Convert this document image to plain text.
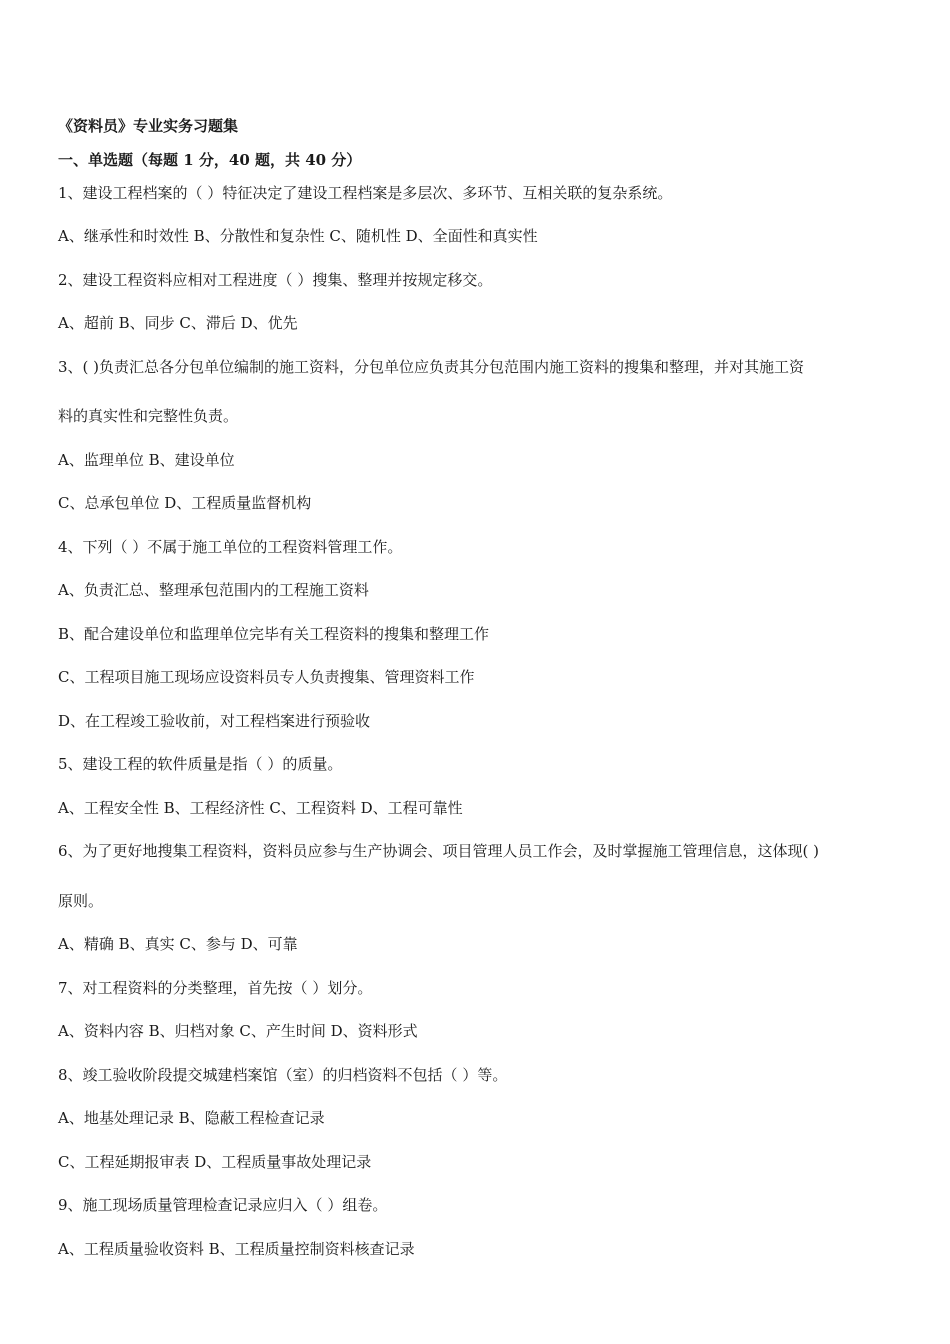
《资料员》专业实务习题集
一、单选题（每题 1 分，40 题，共 40 分）
1、建设工程档案的（ ）特征决定了建设工程档案是多层次、多环节、互相关联的复杂系统。
A、继承性和时效性 B、分散性和复杂性 C、随机性 D、全面性和真实性
2、建设工程资料应相对工程进度（ ）搜集、整理并按规定移交。
A、超前 B、同步 C、滞后 D、优先
3、( )负责汇总各分包单位编制的施工资料，分包单位应负责其分包范围内施工资料的搜集和整理，并对其施工资
料的真实性和完整性负责。
A、监理单位 B、建设单位
C、总承包单位 D、工程质量监督机构
4、下列（ ）不属于施工单位的工程资料管理工作。
A、负责汇总、整理承包范围内的工程施工资料
B、配合建设单位和监理单位完毕有关工程资料的搜集和整理工作
C、工程项目施工现场应设资料员专人负责搜集、管理资料工作
D、在工程竣工验收前，对工程档案进行预验收
5、建设工程的软件质量是指（ ）的质量。
A、工程安全性 B、工程经济性 C、工程资料 D、工程可靠性
6、为了更好地搜集工程资料，资料员应参与生产协调会、项目管理人员工作会，及时掌握施工管理信息，这体现( )
原则。
A、精确 B、真实 C、参与 D、可靠
7、对工程资料的分类整理，首先按（ ）划分。
A、资料内容 B、归档对象 C、产生时间 D、资料形式
8、竣工验收阶段提交城建档案馆（室）的归档资料不包括（ ）等。
A、地基处理记录 B、隐蔽工程检查记录
C、工程延期报审表 D、工程质量事故处理记录
9、施工现场质量管理检查记录应归入（ ）组卷。
A、工程质量验收资料 B、工程质量控制资料核查记录
